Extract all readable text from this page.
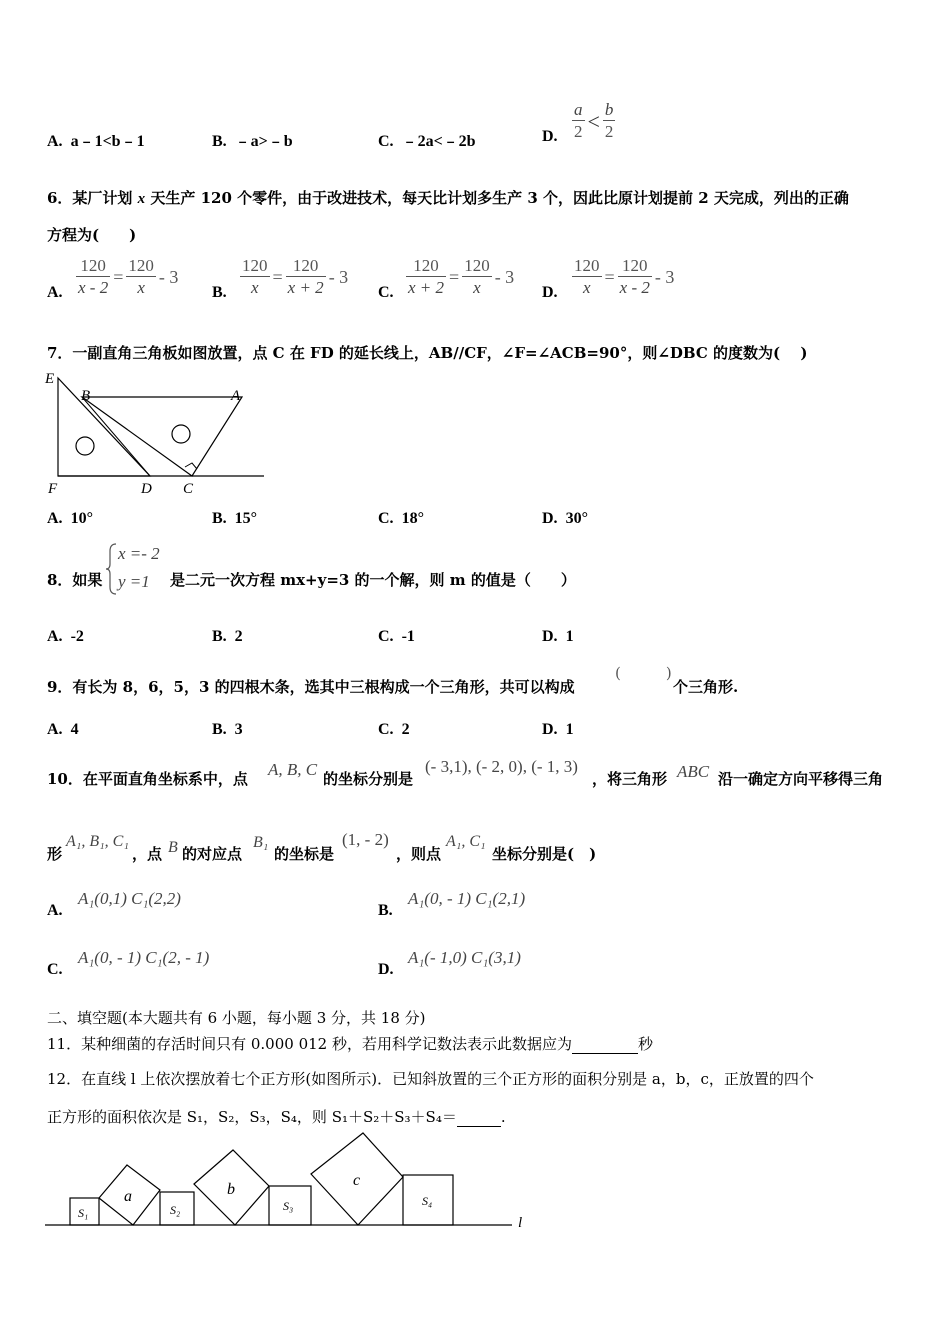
A. a﹣1<b﹣1	B. ﹣a>﹣b	C. ﹣2a<﹣2b	D. $\frac{a}{2} < \frac{b}{2}$
6．某厂计划 x 天生产 120 个零件，由于改进技术，每天比计划多生产 3 个，因此比原计划提前 2 天完成，列出的正确
方程为(　　)
A. $\frac{120}{x - 2} = \frac{120}{x} - 3$
B. $\frac{120}{x} = \frac{120}{x + 2} - 3$
C. $\frac{120}{x + 2} = \frac{120}{x} - 3$
D. $\frac{120}{x} = \frac{120}{x - 2} - 3$
7．一副直角三角板如图放置，点 C 在 FD 的延长线上，AB//CF，∠F=∠ACB=90°，则∠DBC 的度数为(　 )
E
B	A
F	D C
A. 10°	B. 15°	C. 18°	D. 30°
8．如果
x =- 2
y =1 是二元一次方程 mx+y=3 的一个解，则 m 的值是（　　）
A. -2	B. 2	C. -1	D. 1
9．有长为 8，6，5，3 的四根木条，选其中三根构成一个三角形，共可以构成
(　　　)
个三角形.
A. 4	B. 3	C. 2	D. 1
10．在平面直角坐标系中，点 A, B, C 的坐标分别是
(- 3,1), (- 2, 0), (- 1, 3)
，将三角形 ABC 沿一确定方向平移得三角
形
A₁, B₁, C₁
，点 B 的对应点
B₁
的坐标是
(1, - 2)
，则点
A₁, C₁
坐标分别是(　)
A.
A₁(0,1) C₁(2,2)
B.
A₁(0, - 1) C₁(2,1)
C.
A₁(0, - 1) C₁(2, - 1)
D.
A₁(- 1,0) C₁(3,1)
二、填空题(本大题共有 6 小题，每小题 3 分，共 18 分)
11．某种细菌的存活时间只有 0.000 012 秒，若用科学记数法表示此数据应为	秒
12．在直线 l 上依次摆放着七个正方形(如图所示)．已知斜放置的三个正方形的面积分别是 a，b，c，正放置的四个
正方形的面积依次是 S₁，S₂，S₃，S₄，则 S₁＋S₂＋S₃＋S₄＝	.
S₁
a
S₂
b
S₃
c
S₄
l
